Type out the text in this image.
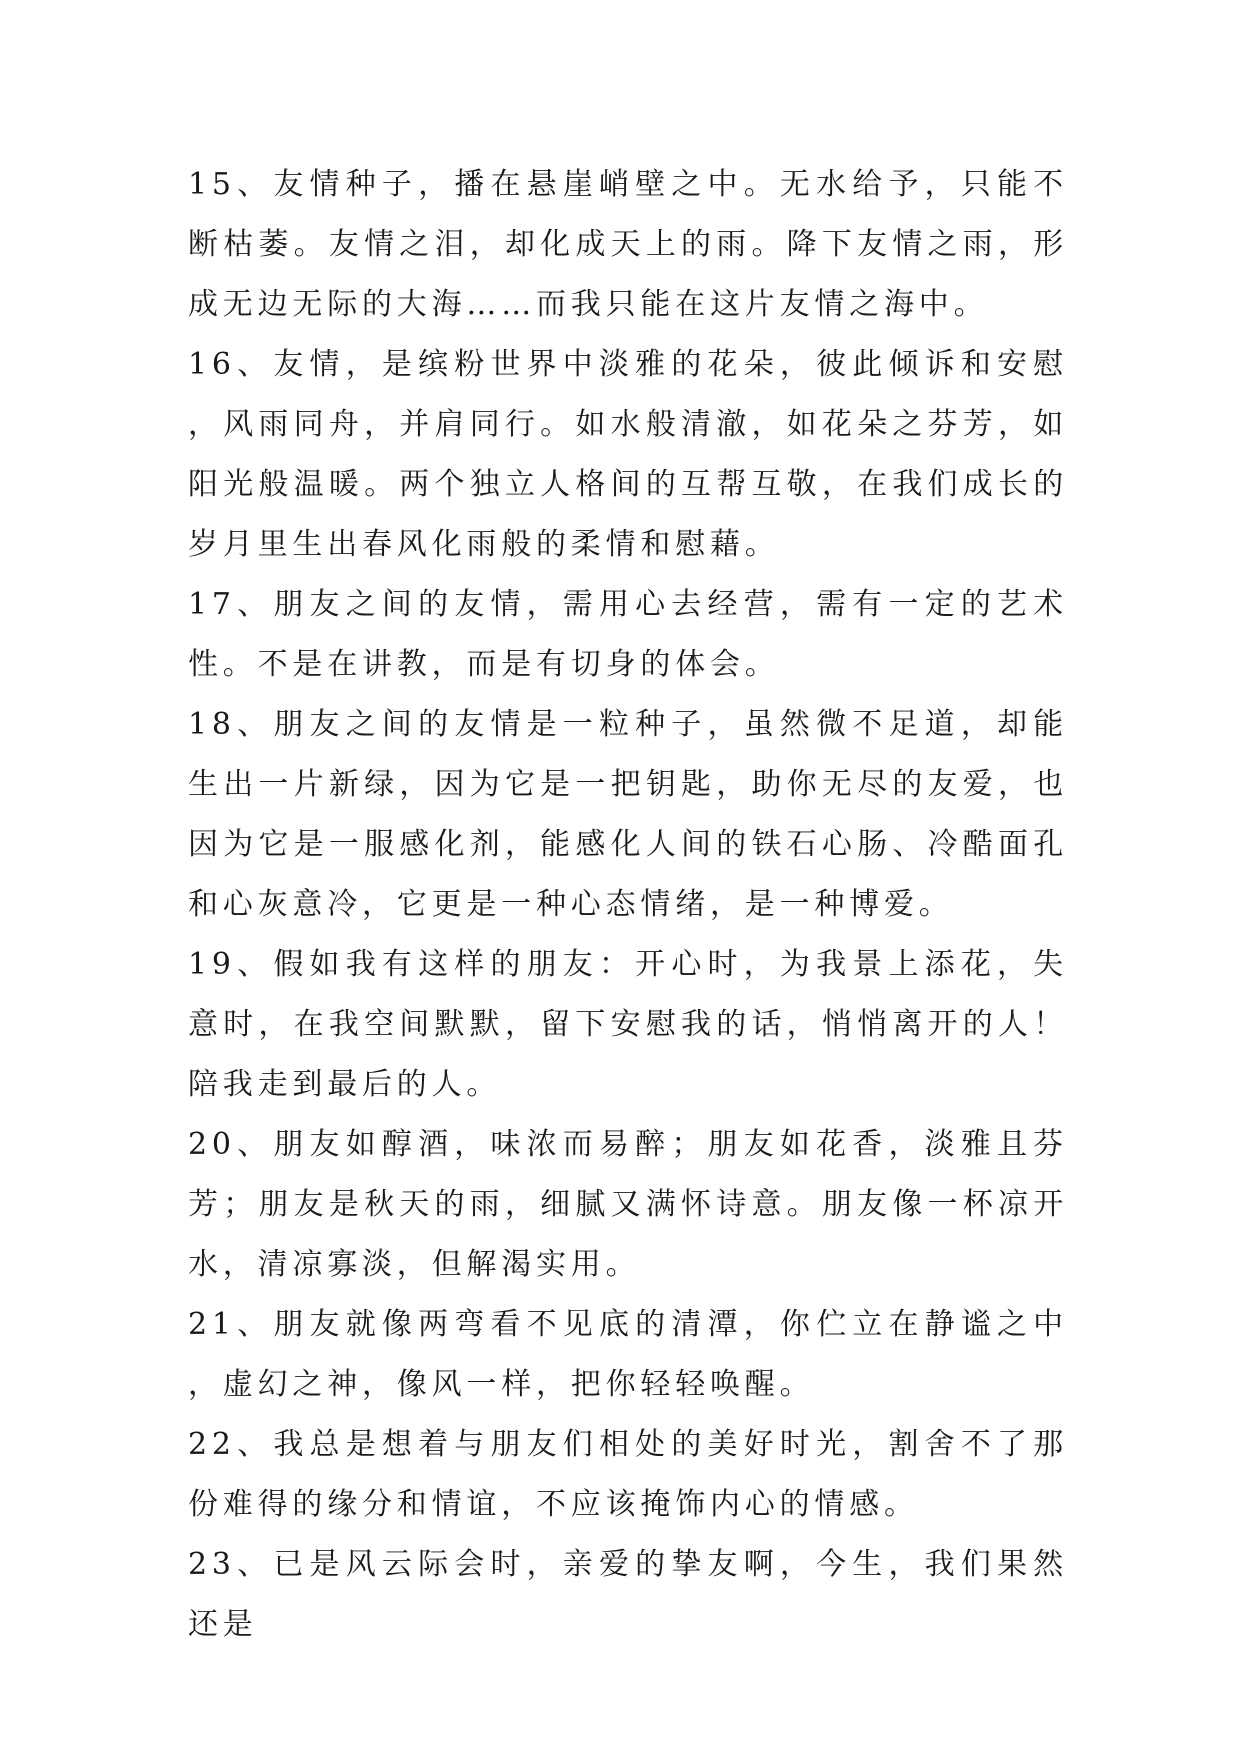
15、友情种子，播在悬崖峭壁之中。无水给予，只能不断枯萎。友情之泪，却化成天上的雨。降下友情之雨，形成无边无际的大海……而我只能在这片友情之海中。

16、友情，是缤粉世界中淡雅的花朵，彼此倾诉和安慰，风雨同舟，并肩同行。如水般清澈，如花朵之芬芳，如阳光般温暖。两个独立人格间的互帮互敬，在我们成长的岁月里生出春风化雨般的柔情和慰藉。

17、朋友之间的友情，需用心去经营，需有一定的艺术性。不是在讲教，而是有切身的体会。

18、朋友之间的友情是一粒种子，虽然微不足道，却能生出一片新绿，因为它是一把钥匙，助你无尽的友爱，也因为它是一服感化剂，能感化人间的铁石心肠、冷酷面孔和心灰意冷，它更是一种心态情绪，是一种博爱。

19、假如我有这样的朋友：开心时，为我景上添花，失意时，在我空间默默，留下安慰我的话，悄悄离开的人！陪我走到最后的人。

20、朋友如醇酒，味浓而易醉；朋友如花香，淡雅且芬芳；朋友是秋天的雨，细腻又满怀诗意。朋友像一杯凉开水，清凉寡淡，但解渴实用。

21、朋友就像两弯看不见底的清潭，你伫立在静谧之中，虚幻之神，像风一样，把你轻轻唤醒。

22、我总是想着与朋友们相处的美好时光，割舍不了那份难得的缘分和情谊，不应该掩饰内心的情感。

23、已是风云际会时，亲爱的挚友啊，今生，我们果然还是
